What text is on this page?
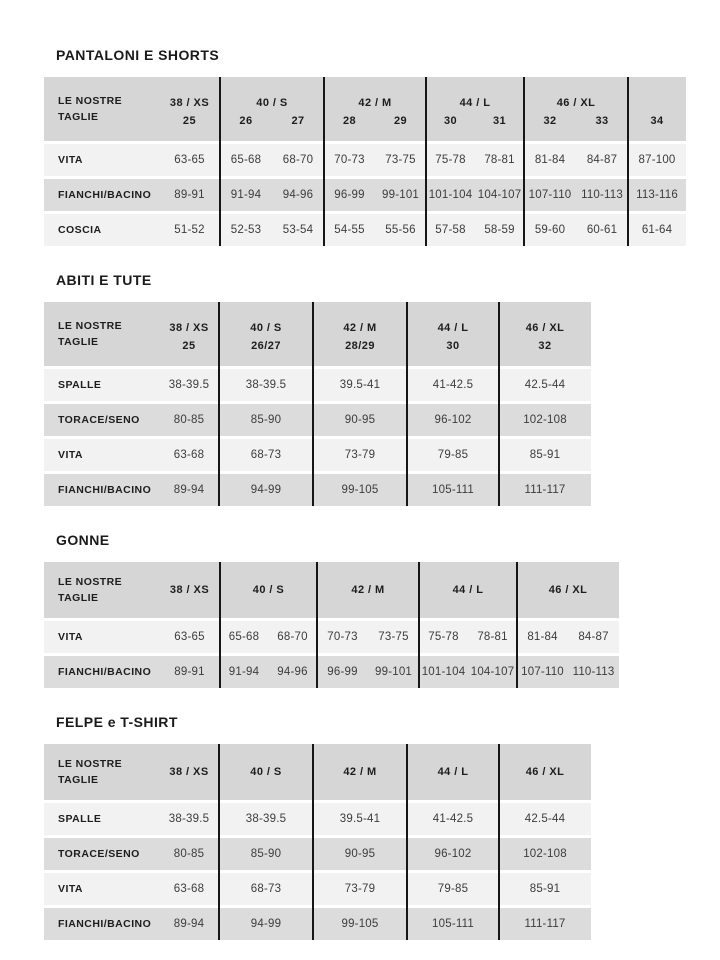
PANTALONI E SHORTS
LE NOSTRE TAGLIE	38 / XS	40 / S		42 / M		44 / L		46 / XL		
	25	26	27	28	29	30	31	32	33	34
VITA	63-65	65-68	68-70	70-73	73-75	75-78	78-81	81-84	84-87	87-100
FIANCHI/BACINO	89-91	91-94	94-96	96-99	99-101	101-104	104-107	107-110	110-113	113-116
COSCIA	51-52	52-53	53-54	54-55	55-56	57-58	58-59	59-60	60-61	61-64
ABITI E TUTE
LE NOSTRE TAGLIE	38 / XS	40 / S	42 / M	44 / L	46 / XL
	25	26/27	28/29	30	32
SPALLE	38-39.5	38-39.5	39.5-41	41-42.5	42.5-44
TORACE/SENO	80-85	85-90	90-95	96-102	102-108
VITA	63-68	68-73	73-79	79-85	85-91
FIANCHI/BACINO	89-94	94-99	99-105	105-111	111-117
GONNE
LE NOSTRE TAGLIE	38 / XS	40 / S		42 / M		44 / L		46 / XL	
VITA	63-65	65-68	68-70	70-73	73-75	75-78	78-81	81-84	84-87
FIANCHI/BACINO	89-91	91-94	94-96	96-99	99-101	101-104	104-107	107-110	110-113
FELPE e T-SHIRT
LE NOSTRE TAGLIE	38 / XS	40 / S	42 / M	44 / L	46 / XL
SPALLE	38-39.5	38-39.5	39.5-41	41-42.5	42.5-44
TORACE/SENO	80-85	85-90	90-95	96-102	102-108
VITA	63-68	68-73	73-79	79-85	85-91
FIANCHI/BACINO	89-94	94-99	99-105	105-111	111-117
